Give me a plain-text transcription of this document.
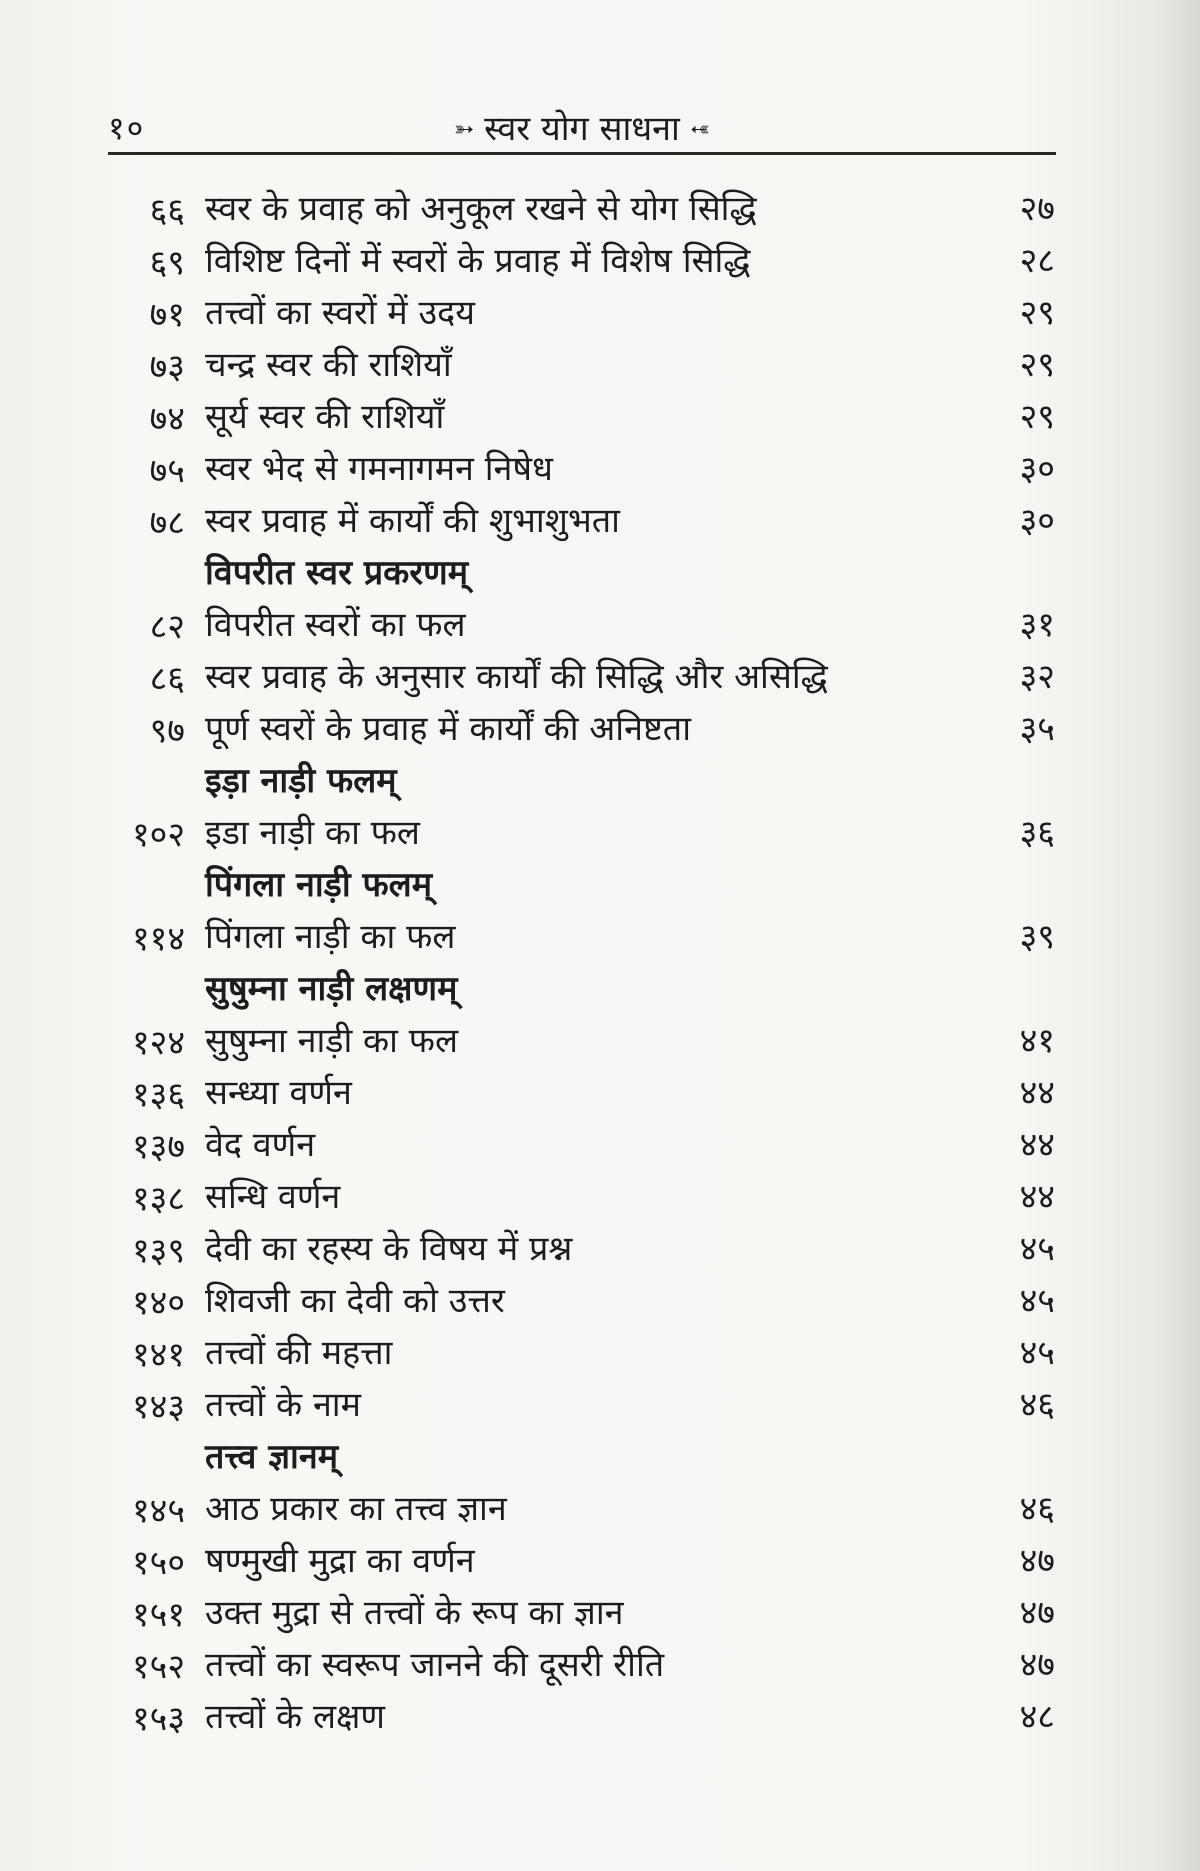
१०	➳ स्वर योग साधना ➳
६६ स्वर के प्रवाह को अनुकूल रखने से योग सिद्धि	२७
६९ विशिष्ट दिनों में स्वरों के प्रवाह में विशेष सिद्धि	२८
७१ तत्त्वों का स्वरों में उदय	२९
७३ चन्द्र स्वर की राशियाँ	२९
७४ सूर्य स्वर की राशियाँ	२९
७५ स्वर भेद से गमनागमन निषेध	३०
७८ स्वर प्रवाह में कार्यों की शुभाशुभता	३०
विपरीत स्वर प्रकरणम्
८२ विपरीत स्वरों का फल	३१
८६ स्वर प्रवाह के अनुसार कार्यों की सिद्धि और असिद्धि	३२
९७ पूर्ण स्वरों के प्रवाह में कार्यों की अनिष्टता	३५
इड़ा नाड़ी फलम्
१०२ इडा नाड़ी का फल	३६
पिंगला नाड़ी फलम्
११४ पिंगला नाड़ी का फल	३९
सुषुम्ना नाड़ी लक्षणम्
१२४ सुषुम्ना नाड़ी का फल	४१
१३६ सन्ध्या वर्णन	४४
१३७ वेद वर्णन	४४
१३८ सन्धि वर्णन	४४
१३९ देवी का रहस्य के विषय में प्रश्न	४५
१४० शिवजी का देवी को उत्तर	४५
१४१ तत्त्वों की महत्ता	४५
१४३ तत्त्वों के नाम	४६
तत्त्व ज्ञानम्
१४५ आठ प्रकार का तत्त्व ज्ञान	४६
१५० षण्मुखी मुद्रा का वर्णन	४७
१५१ उक्त मुद्रा से तत्त्वों के रूप का ज्ञान	४७
१५२ तत्त्वों का स्वरूप जानने की दूसरी रीति	४७
१५३ तत्त्वों के लक्षण	४८
